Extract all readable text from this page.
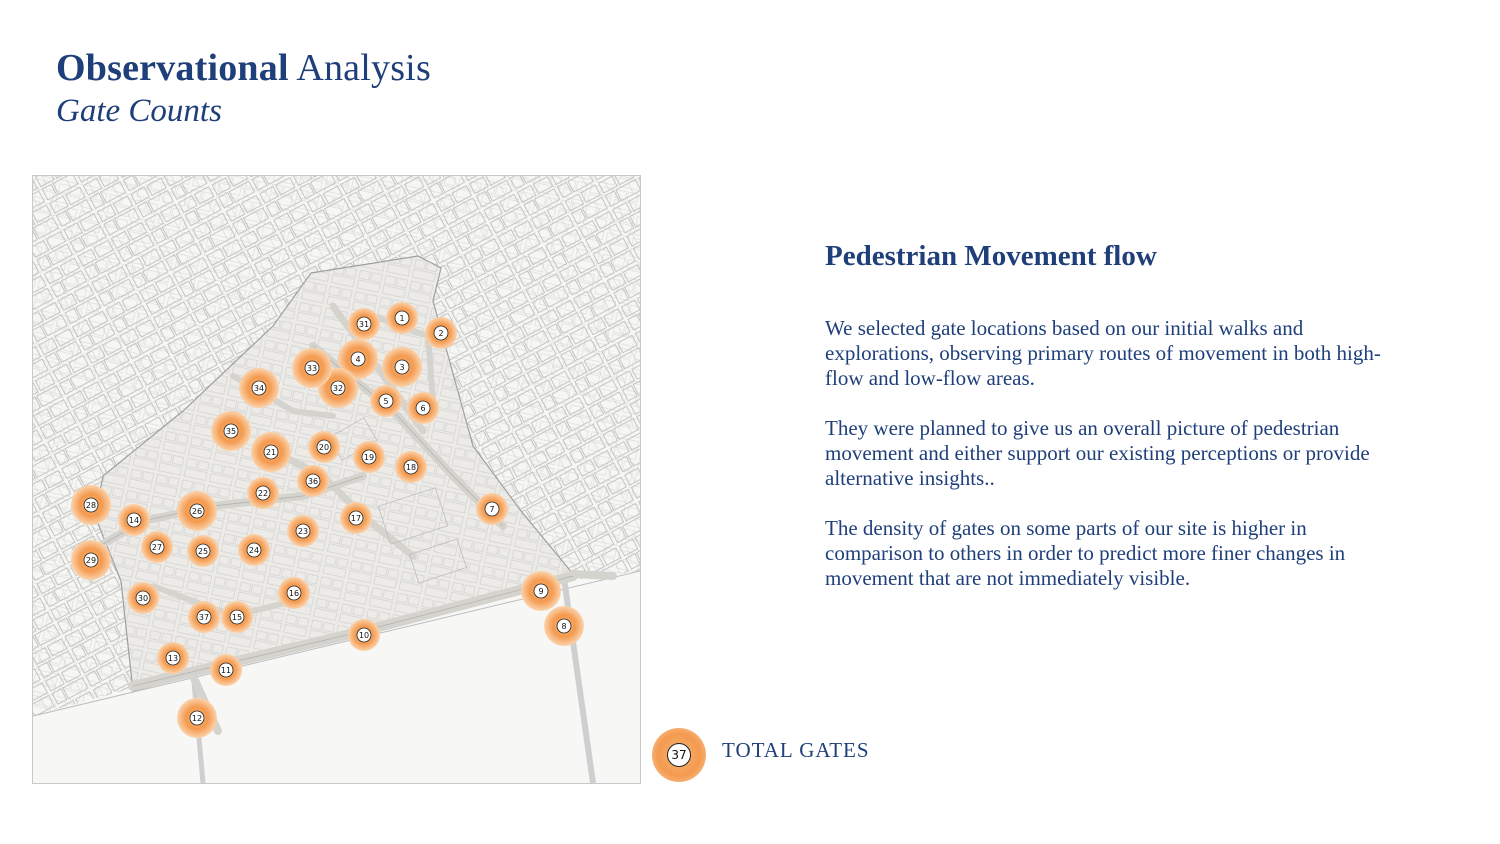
Observational Analysis
Gate Counts
1
2
3
4
5
6
7
8
9
10
11
12
13
14
15
16
17
18
19
20
21
22
23
24
25
26
27
28
29
30
31
32
33
34
35
36
37
Pedestrian Movement flow

We selected gate locations based on our initial walks and explorations, observing primary routes of movement in both high-flow and low-flow areas.

They were planned to give us an overall picture of pedestrian movement and either support our existing perceptions or provide alternative insights..

The density of gates on some parts of our site is higher in comparison to others in order to predict more finer changes in movement that are not immediately visible.

37 TOTAL GATES
